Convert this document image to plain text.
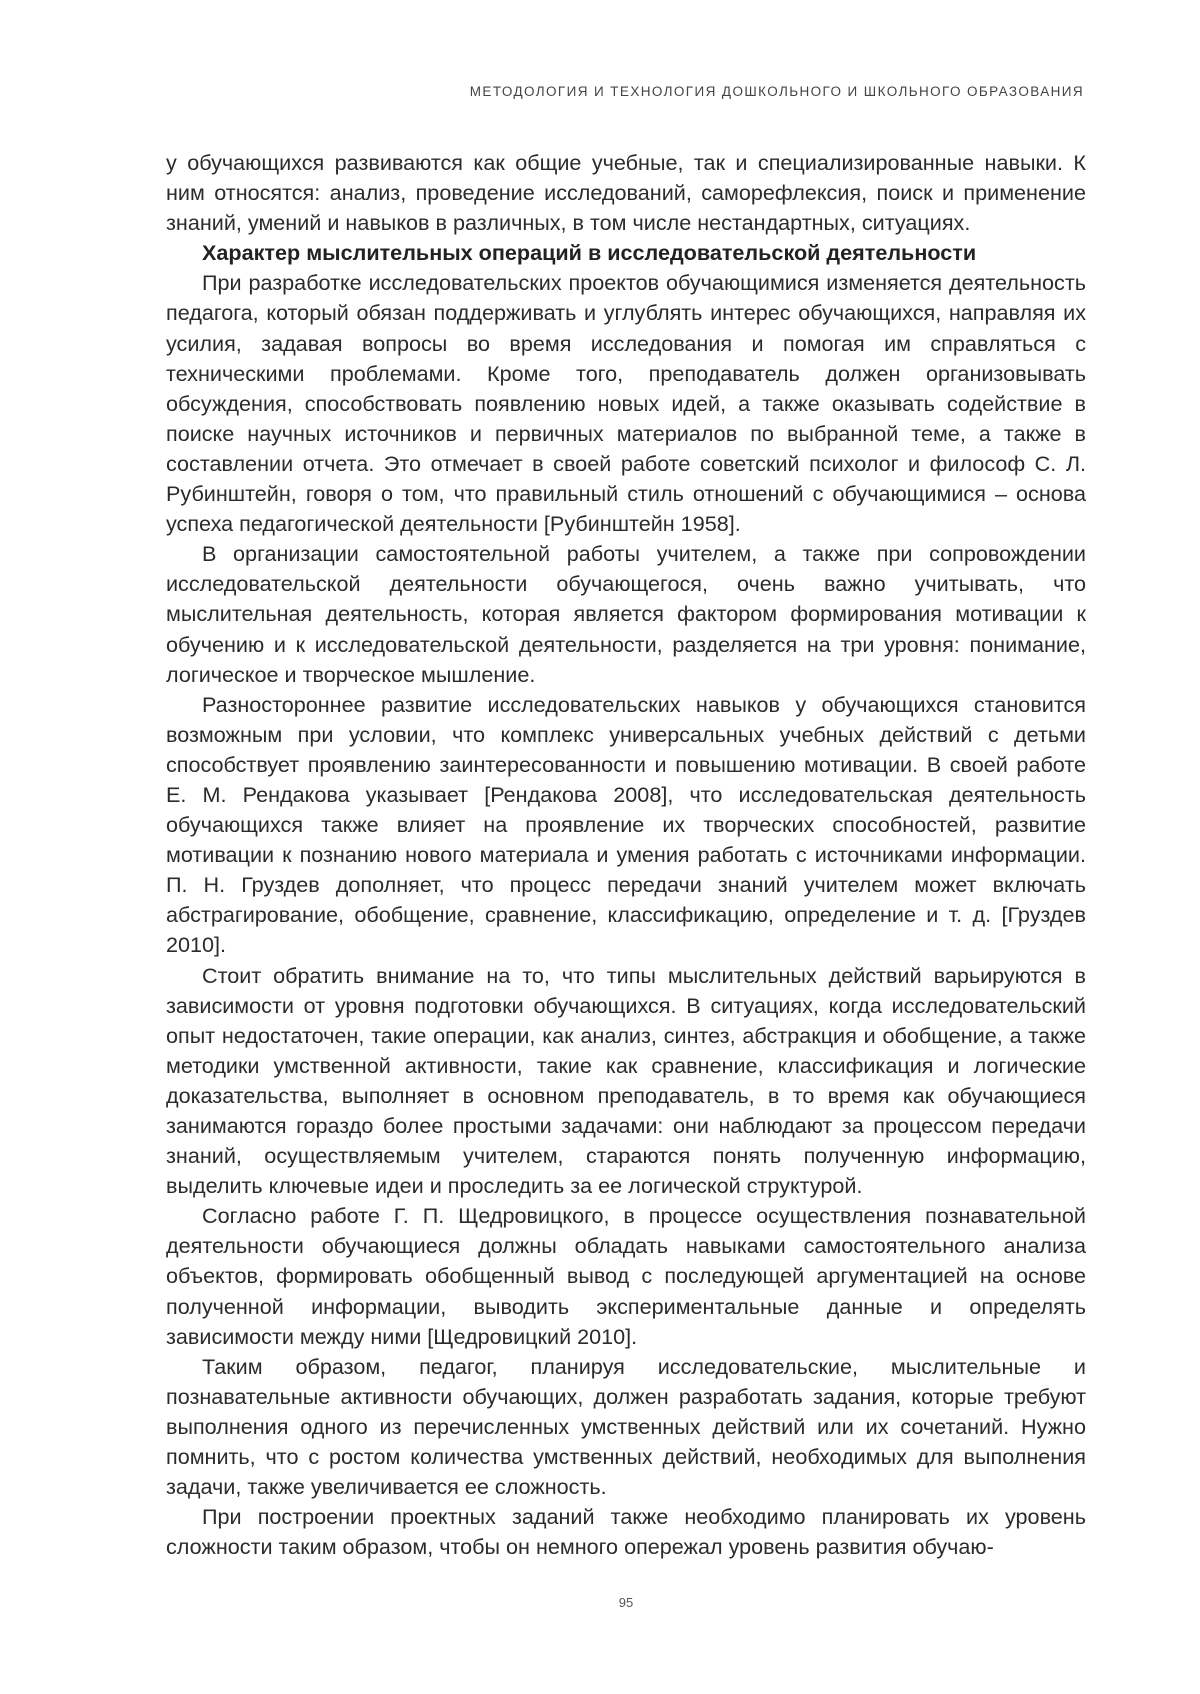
МЕТОДОЛОГИЯ И ТЕХНОЛОГИЯ ДОШКОЛЬНОГО И ШКОЛЬНОГО ОБРАЗОВАНИЯ

у обучающихся развиваются как общие учебные, так и специализированные навыки. К ним относятся: анализ, проведение исследований, саморефлексия, поиск и применение знаний, умений и навыков в различных, в том числе нестандартных, ситуациях.

Характер мыслительных операций в исследовательской деятельности

При разработке исследовательских проектов обучающимися изменяется деятельность педагога, который обязан поддерживать и углублять интерес обучающихся, направляя их усилия, задавая вопросы во время исследования и помогая им справляться с техническими проблемами. Кроме того, преподаватель должен организовывать обсуждения, способствовать появлению новых идей, а также оказывать содействие в поиске научных источников и первичных материалов по выбранной теме, а также в составлении отчета. Это отмечает в своей работе советский психолог и философ С. Л. Рубинштейн, говоря о том, что правильный стиль отношений с обучающимися – основа успеха педагогической деятельности [Рубинштейн 1958].

В организации самостоятельной работы учителем, а также при сопровождении исследовательской деятельности обучающегося, очень важно учитывать, что мыслительная деятельность, которая является фактором формирования мотивации к обучению и к исследовательской деятельности, разделяется на три уровня: понимание, логическое и творческое мышление.

Разностороннее развитие исследовательских навыков у обучающихся становится возможным при условии, что комплекс универсальных учебных действий с детьми способствует проявлению заинтересованности и повышению мотивации. В своей работе Е. М. Рендакова указывает [Рендакова 2008], что исследовательская деятельность обучающихся также влияет на проявление их творческих способностей, развитие мотивации к познанию нового материала и умения работать с источниками информации. П. Н. Груздев дополняет, что процесс передачи знаний учителем может включать абстрагирование, обобщение, сравнение, классификацию, определение и т. д. [Груздев 2010].

Стоит обратить внимание на то, что типы мыслительных действий варьируются в зависимости от уровня подготовки обучающихся. В ситуациях, когда исследовательский опыт недостаточен, такие операции, как анализ, синтез, абстракция и обобщение, а также методики умственной активности, такие как сравнение, классификация и логические доказательства, выполняет в основном преподаватель, в то время как обучающиеся занимаются гораздо более простыми задачами: они наблюдают за процессом передачи знаний, осуществляемым учителем, стараются понять полученную информацию, выделить ключевые идеи и проследить за ее логической структурой.

Согласно работе Г. П. Щедровицкого, в процессе осуществления познавательной деятельности обучающиеся должны обладать навыками самостоятельного анализа объектов, формировать обобщенный вывод с последующей аргументацией на основе полученной информации, выводить экспериментальные данные и определять зависимости между ними [Щедровицкий 2010].

Таким образом, педагог, планируя исследовательские, мыслительные и познавательные активности обучающих, должен разработать задания, которые требуют выполнения одного из перечисленных умственных действий или их сочетаний. Нужно помнить, что с ростом количества умственных действий, необходимых для выполнения задачи, также увеличивается ее сложность.

При построении проектных заданий также необходимо планировать их уровень сложности таким образом, чтобы он немного опережал уровень развития обучаю-

95
